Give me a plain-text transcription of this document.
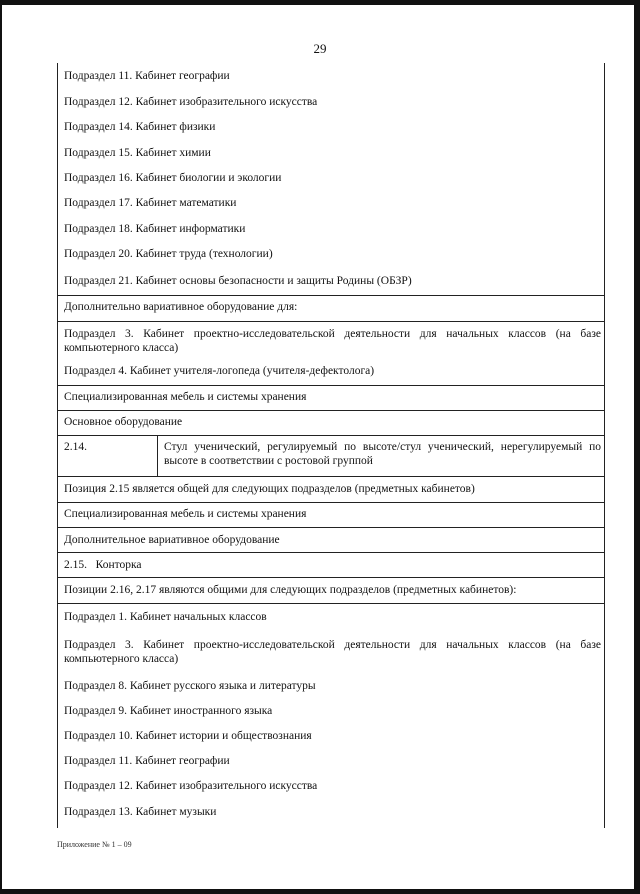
29
Подраздел 11. Кабинет географии
Подраздел 12. Кабинет изобразительного искусства
Подраздел 14. Кабинет физики
Подраздел 15. Кабинет химии
Подраздел 16. Кабинет биологии и экологии
Подраздел 17. Кабинет математики
Подраздел 18. Кабинет информатики
Подраздел 20. Кабинет труда (технологии)
Подраздел 21. Кабинет основы безопасности и защиты Родины (ОБЗР)
Дополнительно вариативное оборудование для:
Подраздел 3. Кабинет проектно-исследовательской деятельности для начальных классов (на базе компьютерного класса)
Подраздел 4. Кабинет учителя-логопеда (учителя-дефектолога)
Специализированная мебель и системы хранения
Основное оборудование
2.14.	Стул ученический, регулируемый по высоте/стул ученический, нерегулируемый по высоте в соответствии с ростовой группой
Позиция 2.15 является общей для следующих подразделов (предметных кабинетов)
Специализированная мебель и системы хранения
Дополнительное вариативное оборудование
2.15.   Конторка
Позиции 2.16, 2.17 являются общими для следующих подразделов (предметных кабинетов):
Подраздел 1. Кабинет начальных классов
Подраздел 3. Кабинет проектно-исследовательской деятельности для начальных классов (на базе компьютерного класса)
Подраздел 8. Кабинет русского языка и литературы
Подраздел 9. Кабинет иностранного языка
Подраздел 10. Кабинет истории и обществознания
Подраздел 11. Кабинет географии
Подраздел 12. Кабинет изобразительного искусства
Подраздел 13. Кабинет музыки
Приложение № 1 – 09
